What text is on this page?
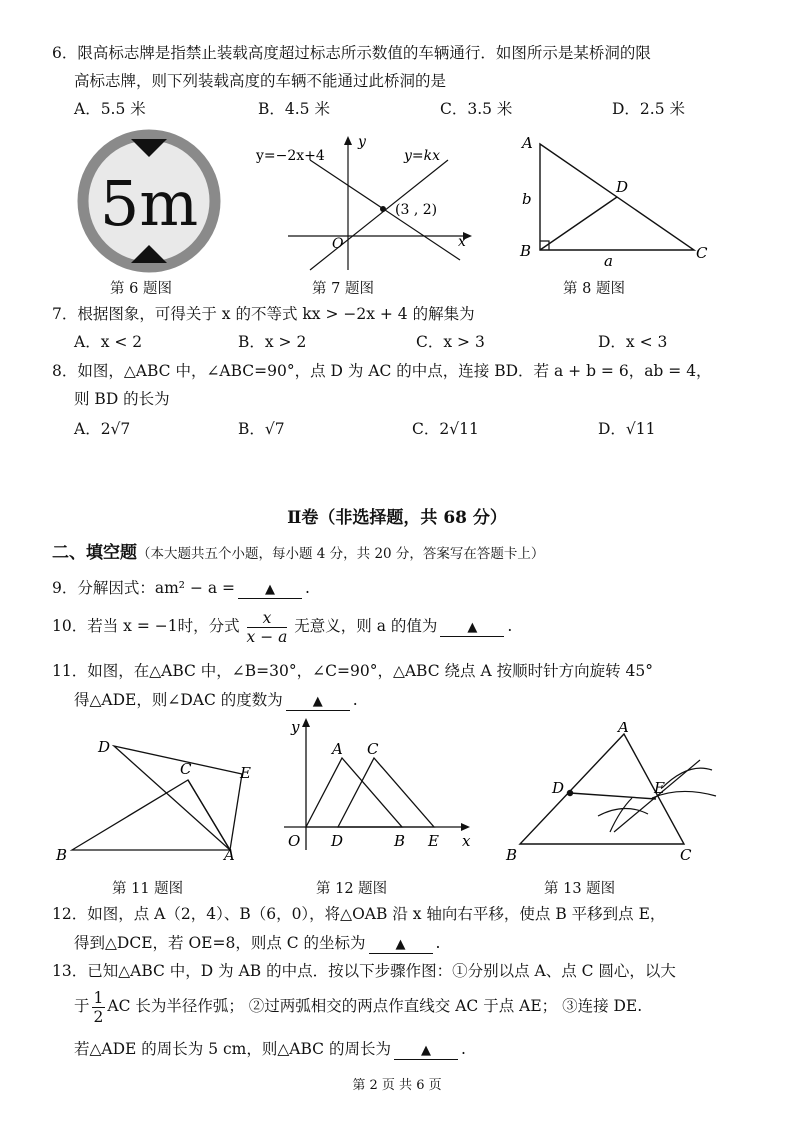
6．限高标志牌是指禁止装载高度超过标志所示数值的车辆通行．如图所示是某桥洞的限
高标志牌，则下列装载高度的车辆不能通过此桥洞的是
A．5.5 米	B．4.5 米	C．3.5 米	D．2.5 米
5m
第 6 题图
y=−2x+4	y=kx
(3 , 2)
x
y
O
第 7 题图
A
B	C
D
b
a
第 8 题图
7．根据图象，可得关于 x 的不等式 kx > −2x + 4 的解集为
A．x < 2	B．x > 2	C．x > 3	D．x < 3
8．如图，△ABC 中，∠ABC=90°，点 D 为 AC 的中点，连接 BD．若 a + b = 6，ab = 4，
则 BD 的长为
A．2√7	B．√7	C．2√11	D．√11
Ⅱ卷（非选择题，共 68 分）
二、填空题（本大题共五个小题，每小题 4 分，共 20 分，答案写在答题卡上）
9．分解因式：am² − a = ▲ .
10．若当 x = −1时，分式 $\frac{x}{x - a}$ 无意义，则 a 的值为 ▲ .
11．如图，在△ABC 中，∠B=30°，∠C=90°，△ABC 绕点 A 按顺时针方向旋转 45°
得△ADE，则∠DAC 的度数为 ▲ .
D
C	E
B	A
第 11 题图
y
A C
O D	B E x
第 12 题图
A
D	E
B	C
第 13 题图
12．如图，点 A（2，4）、B（6，0），将△OAB 沿 x 轴向右平移，使点 B 平移到点 E，
得到△DCE，若 OE=8，则点 C 的坐标为 ▲ .
13．已知△ABC 中，D 为 AB 的中点．按以下步骤作图：①分别以点 A、点 C 圆心，以大
于 $\frac{1}{2}$ AC 长为半径作弧； ②过两弧相交的两点作直线交 AC 于点 AE； ③连接 DE.
若△ADE 的周长为 5 cm，则△ABC 的周长为 ▲ .
第 2 页 共 6 页
